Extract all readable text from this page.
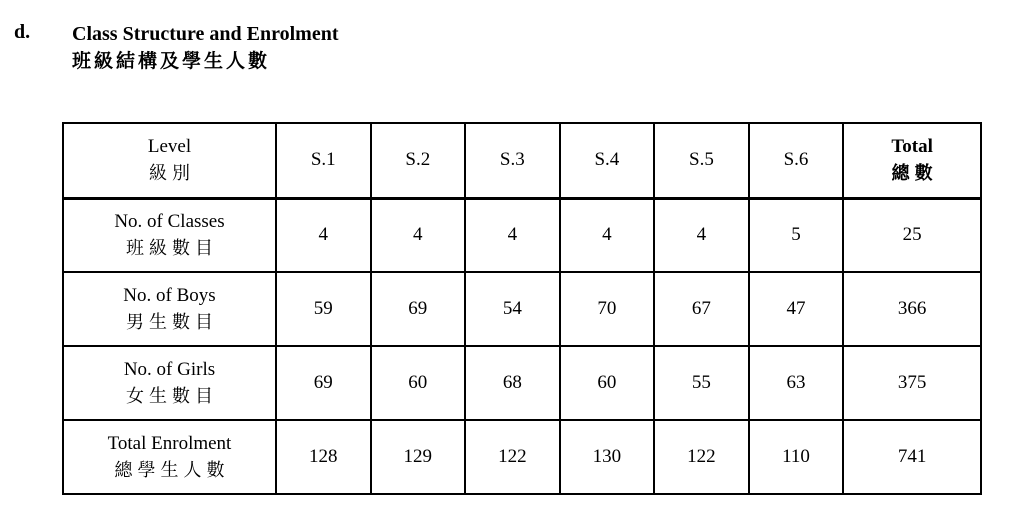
d.	Class Structure and Enrolment
班級結構及學生人數
Level
級別	S.1	S.2	S.3	S.4	S.5	S.6	Total
總數

No. of Classes
班級數目	4	4	4	4	4	5	25

No. of Boys
男生數目	59	69	54	70	67	47	366

No. of Girls
女生數目	69	60	68	60	55	63	375

Total Enrolment
總學生人數	128	129	122	130	122	110	741
